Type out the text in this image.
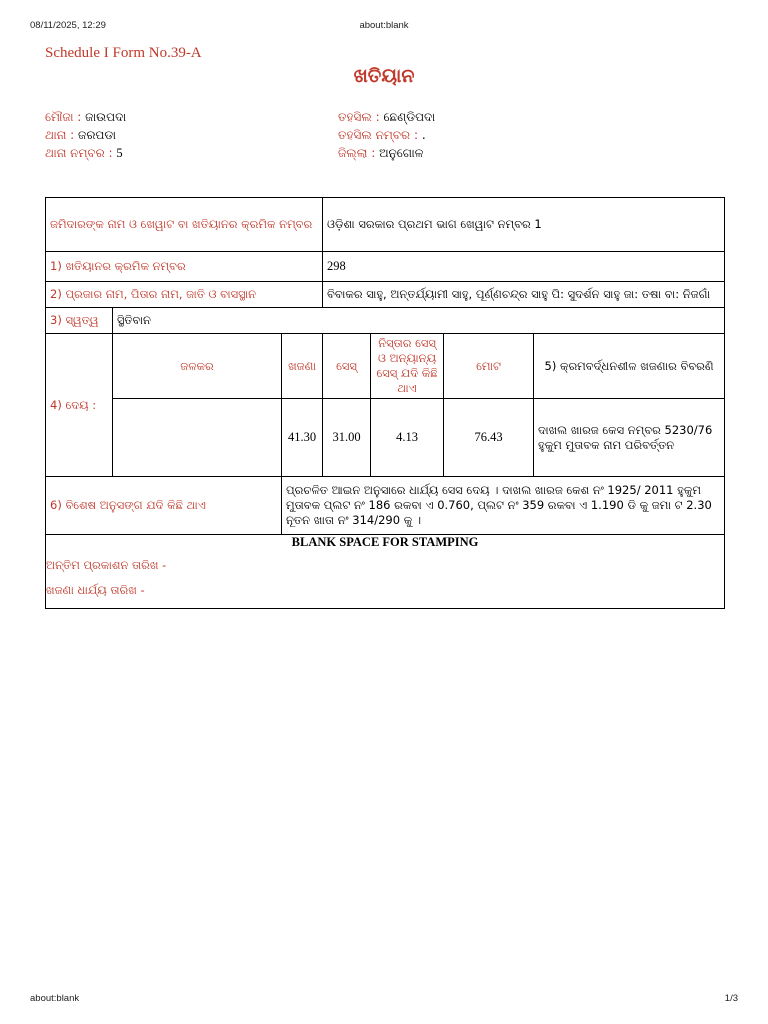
08/11/2025, 12:29	about:blank
Schedule I Form No.39-A
ଖତିୟାନ
ମୌଜା : ଜାଉପଦା
ଥାନା : ଜରପଡା
ଥାନା ନମ୍ବର : 5
ତହସିଲ : ଛେଣ୍ଡିପଦା
ତହସିଲ ନମ୍ବର : .
ଜିଲ୍ଲା : ଅନୁଗୋଳ
ଜମିଦାରଙ୍କ ନାମ ଓ ଖେୱାଟ ବା ଖତିୟାନର କ୍ରମିକ ନମ୍ବର			ଓଡ଼ିଶା ସରକାର ପ୍ରଥମ ଭାଗ ଖେୱାଟ ନମ୍ବର 1			
1) ଖତିୟାନର କ୍ରମିକ ନମ୍ବର			298			
2) ପ୍ରଜାର ନାମ, ପିତାର ନାମ, ଜାତି ଓ ବାସସ୍ଥାନ			ବିବାକର ସାହୁ, ଅନ୍ତର୍ଯ୍ୟାମୀ ସାହୁ, ପୂର୍ଣ୍ଣଚନ୍ଦ୍ର ସାହୁ ପି: ସୁଦର୍ଶନ ସାହୁ ଜା: ତଷା ବା: ନିଜଗାଁ			
3) ସ୍ୱତ୍ୱ	ସ୍ଥିତିବାନ					
4) ଦେୟ :	ଜଳକର	ଖଜଣା	ସେସ୍	ନିସ୍ତାର ସେସ୍ ଓ ଅନ୍ୟାନ୍ୟ ସେସ୍ ଯଦି କିଛି ଥାଏ	ମୋଟ	5) କ୍ରମବର୍ଦ୍ଧନଶୀଳ ଖଜଣାର ବିବରଣି
		41.30	31.00	4.13	76.43	ଦାଖଲ ଖାରଜ କେସ ନମ୍ବର 5230/76 ହୁକୁମ ମୁତାବକ ନାମ ପରିବର୍ତ୍ତନ
6) ବିଶେଷ ଅନୁସଙ୍ଗ ଯଦି କିଛି ଥାଏ		ପ୍ରଚଳିତ ଆଇନ ଅନୁସାରେ ଧାର୍ଯ୍ୟ ସେସ ଦେୟ । ଦାଖଲ ଖାରଜ କେଶ ନଂ 1925/ 2011 ହୁକୁମ ମୁତାବକ ପ୍ଲଟ ନଂ 186 ରକବା ଏ 0.760, ପ୍ଲଟ ନଂ 359 ରକବା ଏ 1.190 ଡି କୁ ଜମା ଟ 2.30 ନୂତନ ଖାତା ନଂ 314/290 କୁ ।				

BLANK SPACE FOR STAMPING
ଅନ୍ତିମ ପ୍ରକାଶନ ତାରିଖ -
ଖଜଣା ଧାର୍ଯ୍ୟ ତାରିଖ -						
about:blank	1/3
